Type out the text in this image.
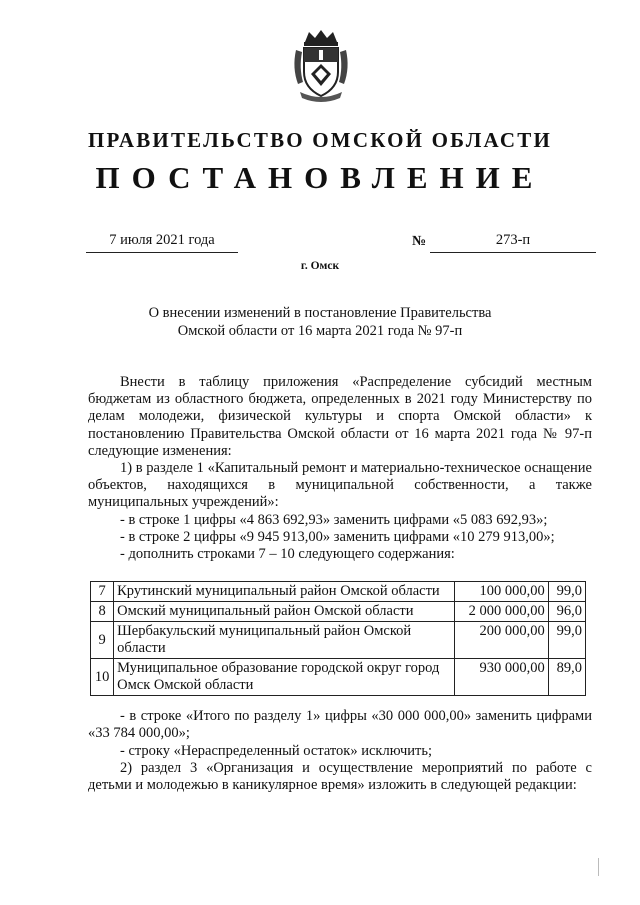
ПРАВИТЕЛЬСТВО ОМСКОЙ ОБЛАСТИ
ПОСТАНОВЛЕНИЕ
7 июля 2021 года	№	273-п
г. Омск
О внесении изменений в постановление Правительства
Омской области от 16 марта 2021 года № 97-п
Внести в таблицу приложения «Распределение субсидий местным бюджетам из областного бюджета, определенных в 2021 году Министерству по делам молодежи, физической культуры и спорта Омской области» к постановлению Правительства Омской области от 16 марта 2021 года № 97-п следующие изменения:
1) в разделе 1 «Капитальный ремонт и материально-техническое оснащение объектов, находящихся в муниципальной собственности, а также муниципальных учреждений»:
- в строке 1 цифры «4 863 692,93» заменить цифрами «5 083 692,93»;
- в строке 2 цифры «9 945 913,00» заменить цифрами «10 279 913,00»;
- дополнить строками 7 – 10 следующего содержания:
7	Крутинский муниципальный район Омской области	100 000,00	99,0
8	Омский муниципальный район Омской области	2 000 000,00	96,0
9	Шербакульский муниципальный район Омской области	200 000,00	99,0
10	Муниципальное образование городской округ город Омск Омской области	930 000,00	89,0
- в строке «Итого по разделу 1» цифры «30 000 000,00» заменить цифрами «33 784 000,00»;
- строку «Нераспределенный остаток» исключить;
2) раздел 3 «Организация и осуществление мероприятий по работе с детьми и молодежью в каникулярное время» изложить в следующей редакции:
